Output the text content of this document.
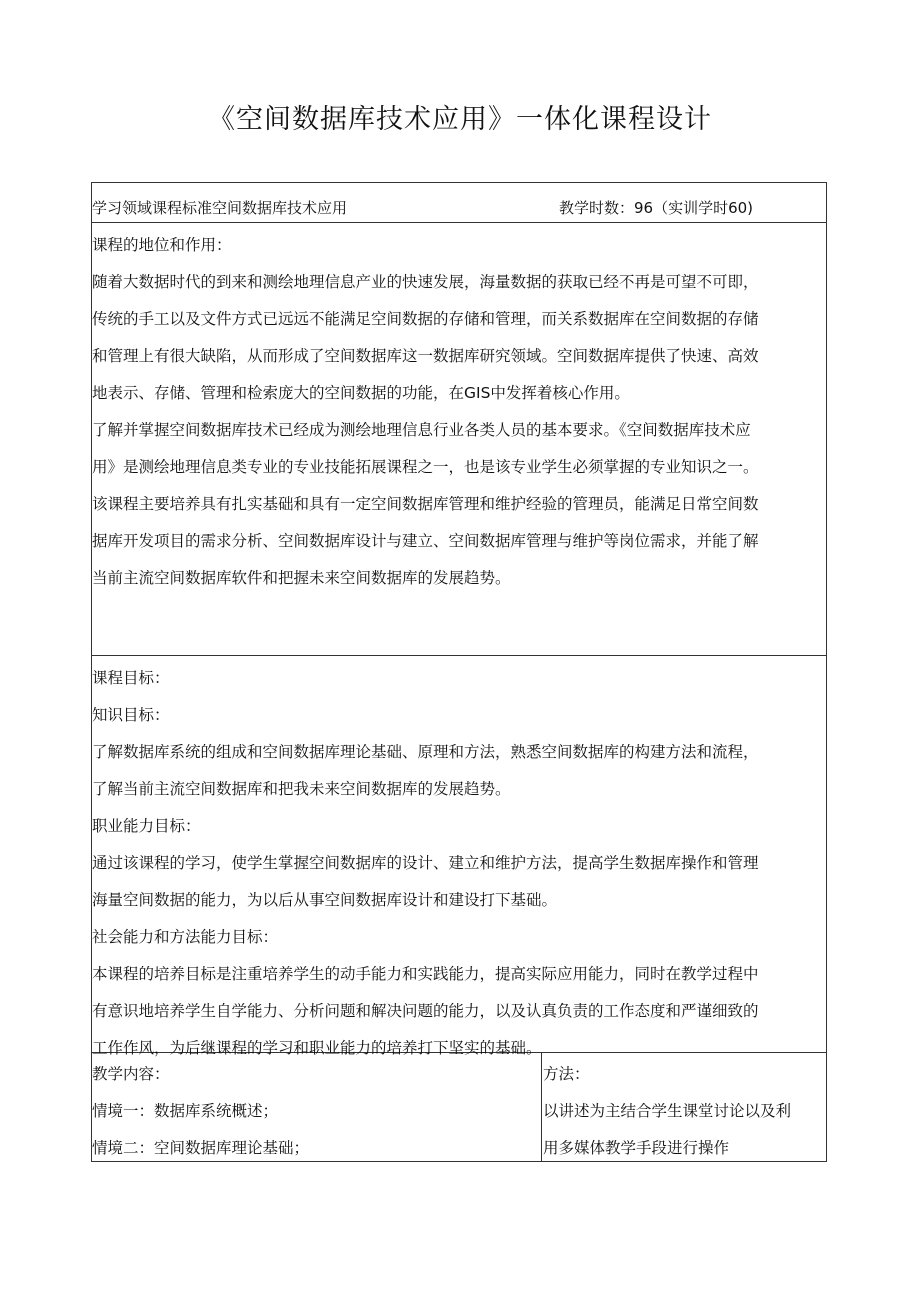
《空间数据库技术应用》一体化课程设计
学习领域课程标准空间数据库技术应用	教学时数：96（实训学时60)

课程的地位和作用：

随着大数据时代的到来和测绘地理信息产业的快速发展，海量数据的获取已经不再是可望不可即，

传统的手工以及文件方式已远远不能满足空间数据的存储和管理，而关系数据库在空间数据的存储

和管理上有很大缺陷，从而形成了空间数据库这一数据库研究领域。空间数据库提供了快速、高效

地表示、存储、管理和检索庞大的空间数据的功能，在GIS中发挥着核心作用。

了解并掌握空间数据库技术已经成为测绘地理信息行业各类人员的基本要求。《空间数据库技术应

用》是测绘地理信息类专业的专业技能拓展课程之一，也是该专业学生必须掌握的专业知识之一。

该课程主要培养具有扎实基础和具有一定空间数据库管理和维护经验的管理员，能满足日常空间数

据库开发项目的需求分析、空间数据库设计与建立、空间数据库管理与维护等岗位需求，并能了解

当前主流空间数据库软件和把握未来空间数据库的发展趋势。

课程目标：

知识目标：

了解数据库系统的组成和空间数据库理论基础、原理和方法，熟悉空间数据库的构建方法和流程，

了解当前主流空间数据库和把我未来空间数据库的发展趋势。

职业能力目标：

通过该课程的学习，使学生掌握空间数据库的设计、建立和维护方法，提高学生数据库操作和管理

海量空间数据的能力，为以后从事空间数据库设计和建设打下基础。

社会能力和方法能力目标：

本课程的培养目标是注重培养学生的动手能力和实践能力，提高实际应用能力，同时在教学过程中

有意识地培养学生自学能力、分析问题和解决问题的能力，以及认真负责的工作态度和严谨细致的

工作作风，为后继课程的学习和职业能力的培养打下坚实的基础。

教学内容：

情境一：数据库系统概述；

情境二：空间数据库理论基础；

方法：

以讲述为主结合学生课堂讨论以及利

用多媒体教学手段进行操作
